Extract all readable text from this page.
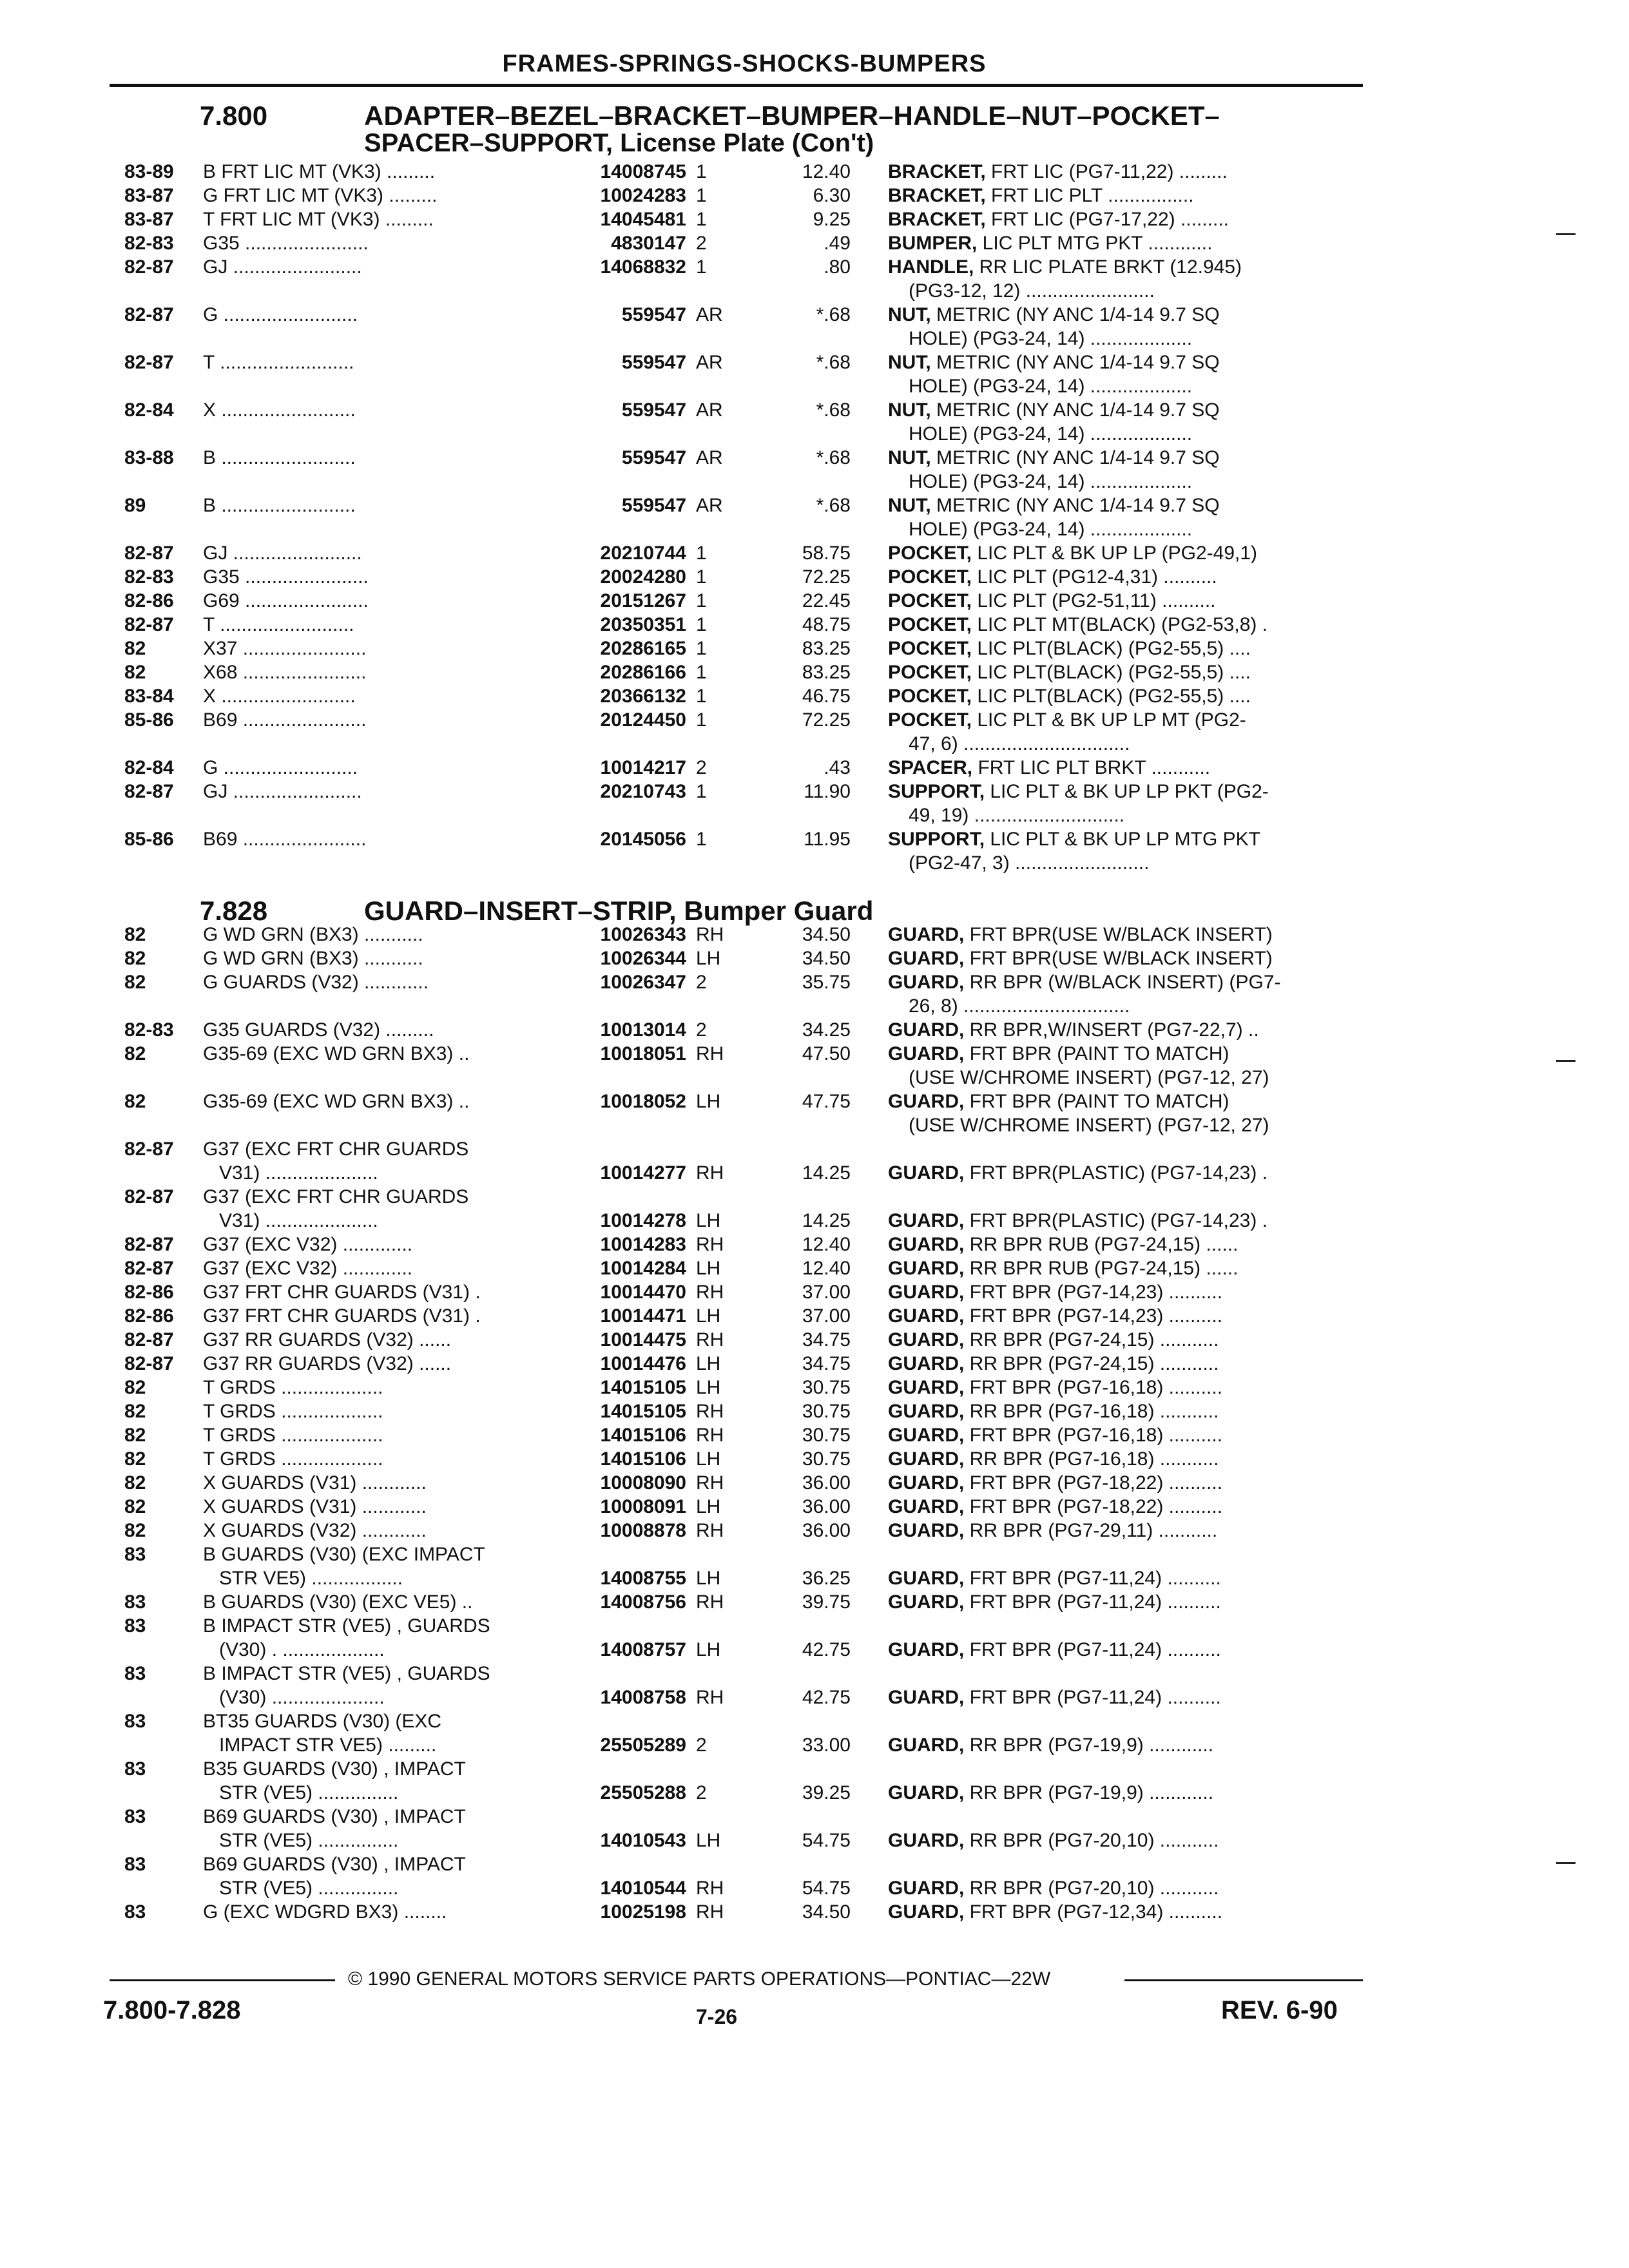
FRAMES-SPRINGS-SHOCKS-BUMPERS
7.800	ADAPTER–BEZEL–BRACKET–BUMPER–HANDLE–NUT–POCKET–
SPACER–SUPPORT, License Plate (Con't)
83-89	B FRT LIC MT (VK3) .........	14008745 1	12.40 BRACKET, FRT LIC (PG7-11,22) .........
83-87	G FRT LIC MT (VK3) .........	10024283 1	6.30 BRACKET, FRT LIC PLT ................
83-87	T FRT LIC MT (VK3) .........	14045481 1	9.25 BRACKET, FRT LIC (PG7-17,22) .........
82-83	G35 .......................	4830147 2	.49 BUMPER, LIC PLT MTG PKT ............
82-87	GJ ........................	14068832 1	.80 HANDLE, RR LIC PLATE BRKT (12.945)
(PG3-12, 12) ........................
82-87	G .........................	559547 AR	*.68 NUT, METRIC (NY ANC 1/4-14 9.7 SQ
HOLE) (PG3-24, 14) ...................
82-87	T .........................	559547 AR	*.68 NUT, METRIC (NY ANC 1/4-14 9.7 SQ
HOLE) (PG3-24, 14) ...................
82-84	X .........................	559547 AR	*.68 NUT, METRIC (NY ANC 1/4-14 9.7 SQ
HOLE) (PG3-24, 14) ...................
83-88	B .........................	559547 AR	*.68 NUT, METRIC (NY ANC 1/4-14 9.7 SQ
HOLE) (PG3-24, 14) ...................
89	B .........................	559547 AR	*.68 NUT, METRIC (NY ANC 1/4-14 9.7 SQ
HOLE) (PG3-24, 14) ...................
82-87	GJ ........................	20210744 1	58.75 POCKET, LIC PLT & BK UP LP (PG2-49,1)
82-83	G35 .......................	20024280 1	72.25 POCKET, LIC PLT (PG12-4,31) ..........
82-86	G69 .......................	20151267 1	22.45 POCKET, LIC PLT (PG2-51,11) ..........
82-87	T .........................	20350351 1	48.75 POCKET, LIC PLT MT(BLACK) (PG2-53,8) .
82	X37 .......................	20286165 1	83.25 POCKET, LIC PLT(BLACK) (PG2-55,5) ....
82	X68 .......................	20286166 1	83.25 POCKET, LIC PLT(BLACK) (PG2-55,5) ....
83-84	X .........................	20366132 1	46.75 POCKET, LIC PLT(BLACK) (PG2-55,5) ....
85-86	B69 .......................	20124450 1	72.25 POCKET, LIC PLT & BK UP LP MT (PG2-
47, 6) ...............................
82-84	G .........................	10014217 2	.43 SPACER, FRT LIC PLT BRKT ...........
82-87	GJ ........................	20210743 1	11.90 SUPPORT, LIC PLT & BK UP LP PKT (PG2-
49, 19) ............................
85-86	B69 .......................	20145056 1	11.95 SUPPORT, LIC PLT & BK UP LP MTG PKT
(PG2-47, 3) .........................
7.828	GUARD–INSERT–STRIP, Bumper Guard
82	G WD GRN (BX3) ...........	10026343 RH	34.50 GUARD, FRT BPR(USE W/BLACK INSERT)
82	G WD GRN (BX3) ...........	10026344 LH	34.50 GUARD, FRT BPR(USE W/BLACK INSERT)
82	G GUARDS (V32) ............	10026347 2	35.75 GUARD, RR BPR (W/BLACK INSERT) (PG7-
26, 8) ...............................
82-83	G35 GUARDS (V32) .........	10013014 2	34.25 GUARD, RR BPR,W/INSERT (PG7-22,7) ..
82	G35-69 (EXC WD GRN BX3) ..	10018051 RH	47.50 GUARD, FRT BPR (PAINT TO MATCH)
(USE W/CHROME INSERT) (PG7-12, 27)
82	G35-69 (EXC WD GRN BX3) ..	10018052 LH	47.75 GUARD, FRT BPR (PAINT TO MATCH)
(USE W/CHROME INSERT) (PG7-12, 27)
82-87	G37 (EXC FRT CHR GUARDS
V31) .....................	10014277 RH	14.25 GUARD, FRT BPR(PLASTIC) (PG7-14,23) .
82-87	G37 (EXC FRT CHR GUARDS
V31) .....................	10014278 LH	14.25 GUARD, FRT BPR(PLASTIC) (PG7-14,23) .
82-87	G37 (EXC V32) .............	10014283 RH	12.40 GUARD, RR BPR RUB (PG7-24,15) ......
82-87	G37 (EXC V32) .............	10014284 LH	12.40 GUARD, RR BPR RUB (PG7-24,15) ......
82-86	G37 FRT CHR GUARDS (V31) .	10014470 RH	37.00 GUARD, FRT BPR (PG7-14,23) ..........
82-86	G37 FRT CHR GUARDS (V31) .	10014471 LH	37.00 GUARD, FRT BPR (PG7-14,23) ..........
82-87	G37 RR GUARDS (V32) ......	10014475 RH	34.75 GUARD, RR BPR (PG7-24,15) ...........
82-87	G37 RR GUARDS (V32) ......	10014476 LH	34.75 GUARD, RR BPR (PG7-24,15) ...........
82	T GRDS ...................	14015105 LH	30.75 GUARD, FRT BPR (PG7-16,18) ..........
82	T GRDS ...................	14015105 RH	30.75 GUARD, RR BPR (PG7-16,18) ...........
82	T GRDS ...................	14015106 RH	30.75 GUARD, FRT BPR (PG7-16,18) ..........
82	T GRDS ...................	14015106 LH	30.75 GUARD, RR BPR (PG7-16,18) ...........
82	X GUARDS (V31) ............	10008090 RH	36.00 GUARD, FRT BPR (PG7-18,22) ..........
82	X GUARDS (V31) ............	10008091 LH	36.00 GUARD, FRT BPR (PG7-18,22) ..........
82	X GUARDS (V32) ............	10008878 RH	36.00 GUARD, RR BPR (PG7-29,11) ...........
83	B GUARDS (V30) (EXC IMPACT
STR VE5) .................	14008755 LH	36.25 GUARD, FRT BPR (PG7-11,24) ..........
83	B GUARDS (V30) (EXC VE5) ..	14008756 RH	39.75 GUARD, FRT BPR (PG7-11,24) ..........
83	B IMPACT STR (VE5) , GUARDS
(V30) . ...................	14008757 LH	42.75 GUARD, FRT BPR (PG7-11,24) ..........
83	B IMPACT STR (VE5) , GUARDS
(V30) .....................	14008758 RH	42.75 GUARD, FRT BPR (PG7-11,24) ..........
83	BT35 GUARDS (V30) (EXC
IMPACT STR VE5) .........	25505289 2	33.00 GUARD, RR BPR (PG7-19,9) ............
83	B35 GUARDS (V30) , IMPACT
STR (VE5) ...............	25505288 2	39.25 GUARD, RR BPR (PG7-19,9) ............
83	B69 GUARDS (V30) , IMPACT
STR (VE5) ...............	14010543 LH	54.75 GUARD, RR BPR (PG7-20,10) ...........
83	B69 GUARDS (V30) , IMPACT
STR (VE5) ...............	14010544 RH	54.75 GUARD, RR BPR (PG7-20,10) ...........
83	G (EXC WDGRD BX3) ........	10025198 RH	34.50 GUARD, FRT BPR (PG7-12,34) ..........
© 1990 GENERAL MOTORS SERVICE PARTS OPERATIONS—PONTIAC—22W
7.800-7.828	7-26	REV. 6-90
